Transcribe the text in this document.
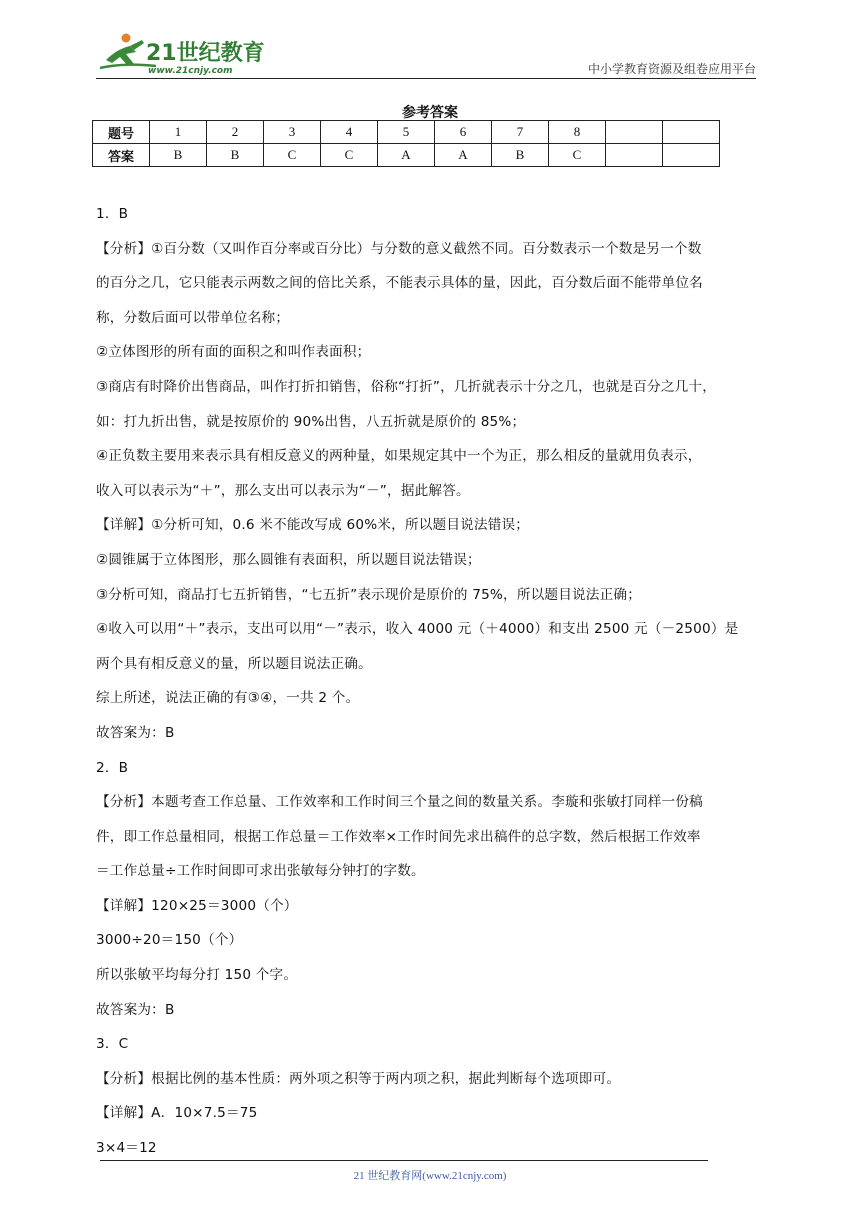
21世纪教育
www.21cnjy.com	中小学教育资源及组卷应用平台
参考答案
题号	1	2	3	4	5	6	7	8		
答案	B	B	C	C	A	A	B	C		
1．B
【分析】①百分数（又叫作百分率或百分比）与分数的意义截然不同。百分数表示一个数是另一个数
的百分之几，它只能表示两数之间的倍比关系，不能表示具体的量，因此，百分数后面不能带单位名
称，分数后面可以带单位名称；
②立体图形的所有面的面积之和叫作表面积；
③商店有时降价出售商品，叫作打折扣销售，俗称“打折”，几折就表示十分之几，也就是百分之几十，
如：打九折出售，就是按原价的 90%出售，八五折就是原价的 85%；
④正负数主要用来表示具有相反意义的两种量，如果规定其中一个为正，那么相反的量就用负表示，
收入可以表示为“＋”，那么支出可以表示为“－”，据此解答。
【详解】①分析可知，0.6 米不能改写成 60%米，所以题目说法错误；
②圆锥属于立体图形，那么圆锥有表面积，所以题目说法错误；
③分析可知，商品打七五折销售，“七五折”表示现价是原价的 75%，所以题目说法正确；
④收入可以用“＋”表示，支出可以用“－”表示，收入 4000 元（＋4000）和支出 2500 元（－2500）是
两个具有相反意义的量，所以题目说法正确。
综上所述，说法正确的有③④，一共 2 个。
故答案为：B
2．B
【分析】本题考查工作总量、工作效率和工作时间三个量之间的数量关系。李璇和张敏打同样一份稿
件，即工作总量相同，根据工作总量＝工作效率×工作时间先求出稿件的总字数，然后根据工作效率
＝工作总量÷工作时间即可求出张敏每分钟打的字数。
【详解】120×25＝3000（个）
3000÷20＝150（个）
所以张敏平均每分打 150 个字。
故答案为：B
3．C
【分析】根据比例的基本性质：两外项之积等于两内项之积，据此判断每个选项即可。
【详解】A．10×7.5＝75
3×4＝12
21 世纪教育网(www.21cnjy.com)
